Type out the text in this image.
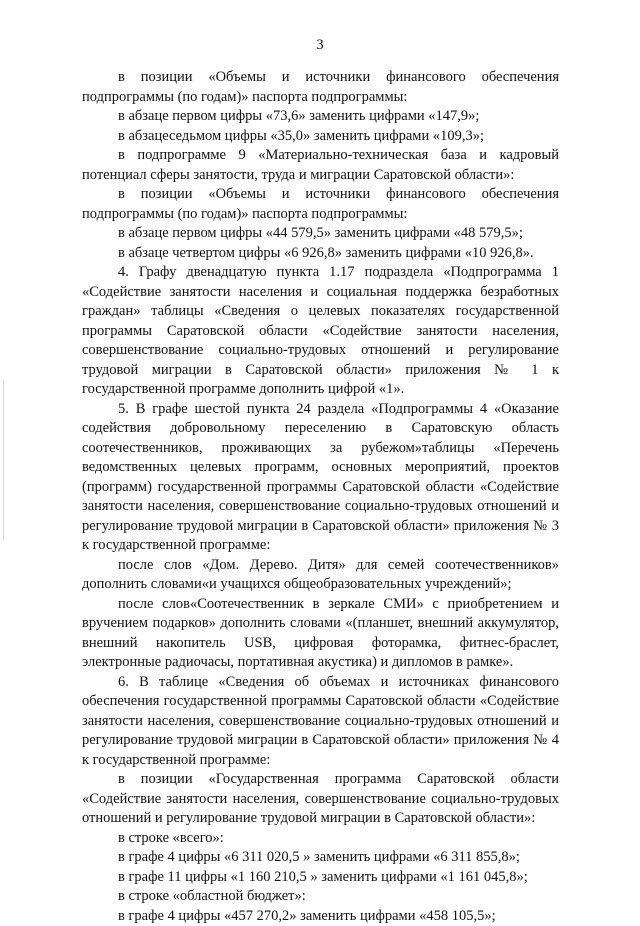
3

в позиции «Объемы и источники финансового обеспечения подпрограммы (по годам)» паспорта подпрограммы:

в абзаце первом цифры «73,6» заменить цифрами «147,9»;

в абзацеседьмом цифры «35,0» заменить цифрами «109,3»;

в подпрограмме 9 «Материально-техническая база и кадровый потенциал сферы занятости, труда и миграции Саратовской области»:

в позиции «Объемы и источники финансового обеспечения подпрограммы (по годам)» паспорта подпрограммы:

в абзаце первом цифры «44 579,5» заменить цифрами «48 579,5»;

в абзаце четвертом цифры «6 926,8» заменить цифрами «10 926,8».

4. Графу двенадцатую пункта 1.17 подраздела «Подпрограмма 1 «Содействие занятости населения и социальная поддержка безработных граждан» таблицы «Сведения о целевых показателях государственной программы Саратовской области «Содействие занятости населения, совершенствование социально-трудовых отношений и регулирование трудовой миграции в Саратовской области» приложения № 1 к государственной программе дополнить цифрой «1».

5. В графе шестой пункта 24 раздела «Подпрограммы 4 «Оказание содействия добровольному переселению в Саратовскую область соотечественников, проживающих за рубежом»таблицы «Перечень ведомственных целевых программ, основных мероприятий, проектов (программ) государственной программы Саратовской области «Содействие занятости населения, совершенствование социально-трудовых отношений и регулирование трудовой миграции в Саратовской области» приложения № 3 к государственной программе:

после слов «Дом. Дерево. Дитя» для семей соотечественников» дополнить словами«и учащихся общеобразовательных учреждений»;

после слов«Соотечественник в зеркале СМИ» с приобретением и вручением подарков» дополнить словами «(планшет, внешний аккумулятор, внешний накопитель USB, цифровая фоторамка, фитнес-браслет, электронные радиочасы, портативная акустика) и дипломов в рамке».

6. В таблице «Сведения об объемах и источниках финансового обеспечения государственной программы Саратовской области «Содействие занятости населения, совершенствование социально-трудовых отношений и регулирование трудовой миграции в Саратовской области» приложения № 4 к государственной программе:

в позиции «Государственная программа Саратовской области «Содействие занятости населения, совершенствование социально-трудовых отношений и регулирование трудовой миграции в Саратовской области»:

в строке «всего»:

в графе 4 цифры «6 311 020,5 » заменить цифрами «6 311 855,8»;

в графе 11 цифры «1 160 210,5 » заменить цифрами «1 161 045,8»;

в строке «областной бюджет»:

в графе 4 цифры «457 270,2» заменить цифрами «458 105,5»;
